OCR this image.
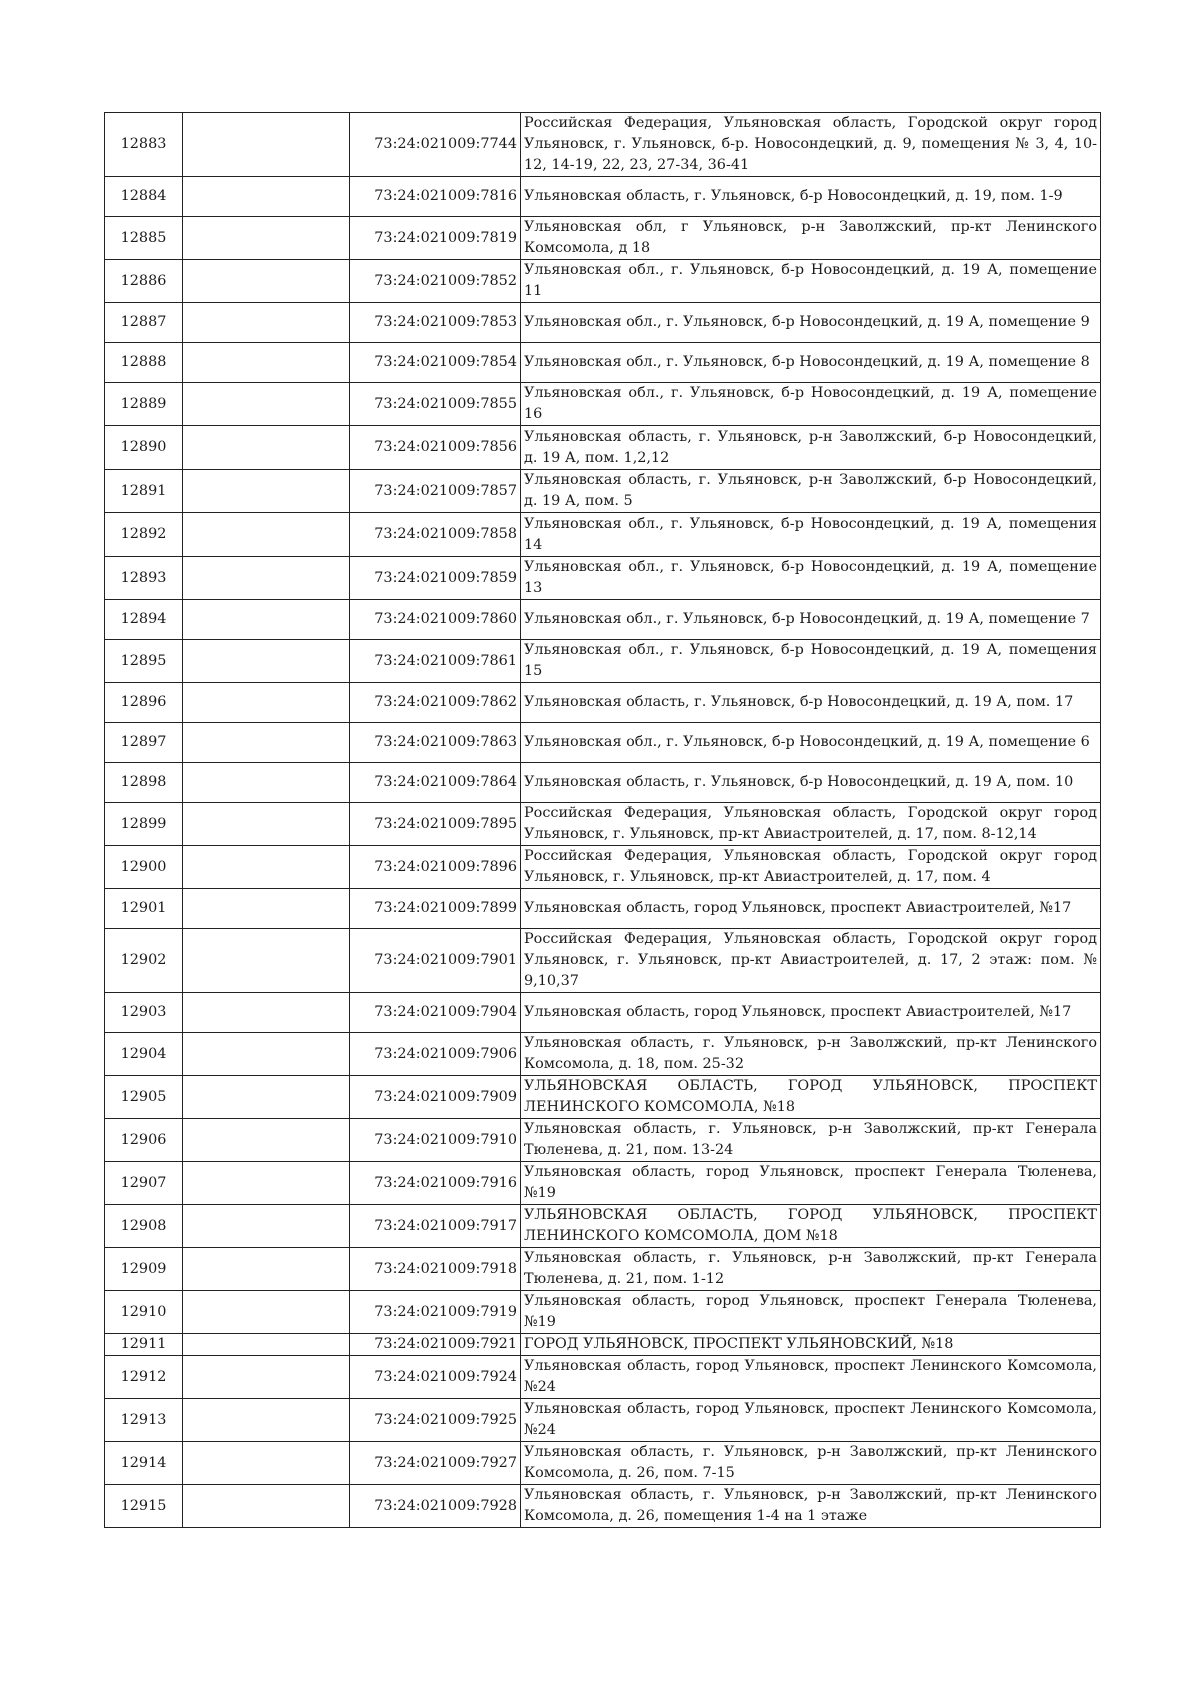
12883		73:24:021009:7744	Российская Федерация, Ульяновская область, Городской округ город Ульяновск, г. Ульяновск, б-р. Новосондецкий, д. 9, помещения № 3, 4, 10-12, 14-19, 22, 23, 27-34, 36-41
12884		73:24:021009:7816	Ульяновская область, г. Ульяновск, б-р Новосондецкий, д. 19, пом. 1-9
12885		73:24:021009:7819	Ульяновская обл, г Ульяновск, р-н Заволжский, пр-кт Ленинского Комсомола, д 18
12886		73:24:021009:7852	Ульяновская обл., г. Ульяновск, б-р Новосондецкий, д. 19 А, помещение 11
12887		73:24:021009:7853	Ульяновская обл., г. Ульяновск, б-р Новосондецкий, д. 19 А, помещение 9
12888		73:24:021009:7854	Ульяновская обл., г. Ульяновск, б-р Новосондецкий, д. 19 А, помещение 8
12889		73:24:021009:7855	Ульяновская обл., г. Ульяновск, б-р Новосондецкий, д. 19 А, помещение 16
12890		73:24:021009:7856	Ульяновская область, г. Ульяновск, р-н Заволжский, б-р Новосондецкий, д. 19 А, пом. 1,2,12
12891		73:24:021009:7857	Ульяновская область, г. Ульяновск, р-н Заволжский, б-р Новосондецкий, д. 19 А, пом. 5
12892		73:24:021009:7858	Ульяновская обл., г. Ульяновск, б-р Новосондецкий, д. 19 А, помещения 14
12893		73:24:021009:7859	Ульяновская обл., г. Ульяновск, б-р Новосондецкий, д. 19 А, помещение 13
12894		73:24:021009:7860	Ульяновская обл., г. Ульяновск, б-р Новосондецкий, д. 19 А, помещение 7
12895		73:24:021009:7861	Ульяновская обл., г. Ульяновск, б-р Новосондецкий, д. 19 А, помещения 15
12896		73:24:021009:7862	Ульяновская область, г. Ульяновск, б-р Новосондецкий, д. 19 А, пом. 17
12897		73:24:021009:7863	Ульяновская обл., г. Ульяновск, б-р Новосондецкий, д. 19 А, помещение 6
12898		73:24:021009:7864	Ульяновская область, г. Ульяновск, б-р Новосондецкий, д. 19 А, пом. 10
12899		73:24:021009:7895	Российская Федерация, Ульяновская область, Городской округ город Ульяновск, г. Ульяновск, пр-кт Авиастроителей, д. 17, пом. 8-12,14
12900		73:24:021009:7896	Российская Федерация, Ульяновская область, Городской округ город Ульяновск, г. Ульяновск, пр-кт Авиастроителей, д. 17, пом. 4
12901		73:24:021009:7899	Ульяновская область, город Ульяновск, проспект Авиастроителей, №17
12902		73:24:021009:7901	Российская Федерация, Ульяновская область, Городской округ город Ульяновск, г. Ульяновск, пр-кт Авиастроителей, д. 17, 2 этаж: пом. № 9,10,37
12903		73:24:021009:7904	Ульяновская область, город Ульяновск, проспект Авиастроителей, №17
12904		73:24:021009:7906	Ульяновская область, г. Ульяновск, р-н Заволжский, пр-кт Ленинского Комсомола, д. 18, пом. 25-32
12905		73:24:021009:7909	УЛЬЯНОВСКАЯ ОБЛАСТЬ, ГОРОД УЛЬЯНОВСК, ПРОСПЕКТ ЛЕНИНСКОГО КОМСОМОЛА, №18
12906		73:24:021009:7910	Ульяновская область, г. Ульяновск, р-н Заволжский, пр-кт Генерала Тюленева, д. 21, пом. 13-24
12907		73:24:021009:7916	Ульяновская область, город Ульяновск, проспект Генерала Тюленева, №19
12908		73:24:021009:7917	УЛЬЯНОВСКАЯ ОБЛАСТЬ, ГОРОД УЛЬЯНОВСК, ПРОСПЕКТ ЛЕНИНСКОГО КОМСОМОЛА, ДОМ №18
12909		73:24:021009:7918	Ульяновская область, г. Ульяновск, р-н Заволжский, пр-кт Генерала Тюленева, д. 21, пом. 1-12
12910		73:24:021009:7919	Ульяновская область, город Ульяновск, проспект Генерала Тюленева, №19
12911		73:24:021009:7921	ГОРОД УЛЬЯНОВСК, ПРОСПЕКТ УЛЬЯНОВСКИЙ, №18
12912		73:24:021009:7924	Ульяновская область, город Ульяновск, проспект Ленинского Комсомола, №24
12913		73:24:021009:7925	Ульяновская область, город Ульяновск, проспект Ленинского Комсомола, №24
12914		73:24:021009:7927	Ульяновская область, г. Ульяновск, р-н Заволжский, пр-кт Ленинского Комсомола, д. 26, пом. 7-15
12915		73:24:021009:7928	Ульяновская область, г. Ульяновск, р-н Заволжский, пр-кт Ленинского Комсомола, д. 26, помещения 1-4 на 1 этаже
